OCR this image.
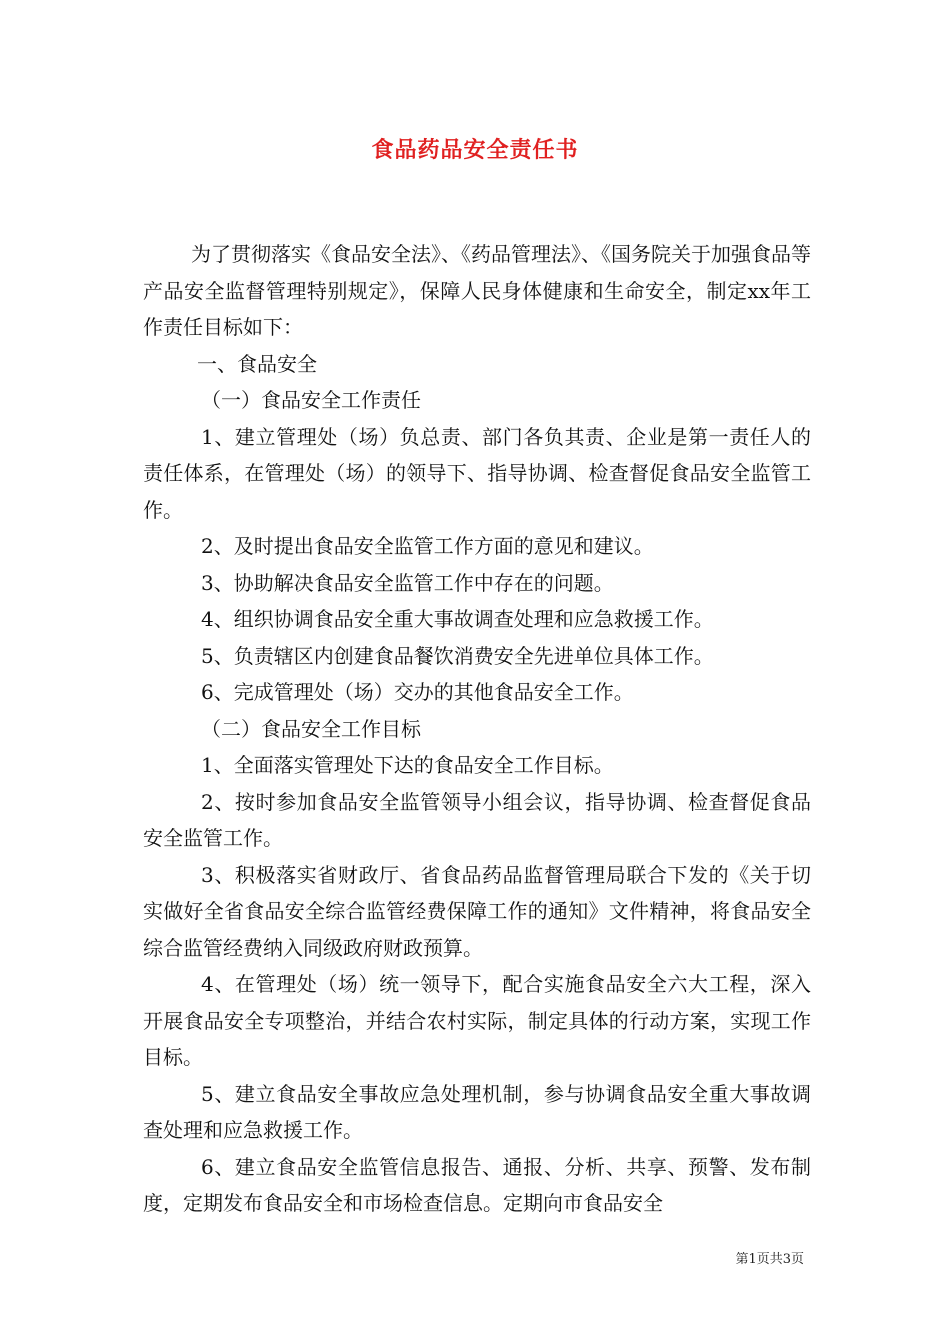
食品药品安全责任书

为了贯彻落实《食品安全法》、《药品管理法》、《国务院关于加强食品等产品安全监督管理特别规定》，保障人民身体健康和生命安全，制定xx年工作责任目标如下：

一、食品安全

（一）食品安全工作责任

1、建立管理处（场）负总责、部门各负其责、企业是第一责任人的责任体系，在管理处（场）的领导下、指导协调、检查督促食品安全监管工作。

2、及时提出食品安全监管工作方面的意见和建议。

3、协助解决食品安全监管工作中存在的问题。

4、组织协调食品安全重大事故调查处理和应急救援工作。

5、负责辖区内创建食品餐饮消费安全先进单位具体工作。

6、完成管理处（场）交办的其他食品安全工作。

（二）食品安全工作目标

1、全面落实管理处下达的食品安全工作目标。

2、按时参加食品安全监管领导小组会议，指导协调、检查督促食品安全监管工作。

3、积极落实省财政厅、省食品药品监督管理局联合下发的《关于切实做好全省食品安全综合监管经费保障工作的通知》文件精神，将食品安全综合监管经费纳入同级政府财政预算。

4、在管理处（场）统一领导下，配合实施食品安全六大工程，深入开展食品安全专项整治，并结合农村实际，制定具体的行动方案，实现工作目标。

5、建立食品安全事故应急处理机制，参与协调食品安全重大事故调查处理和应急救援工作。

6、建立食品安全监管信息报告、通报、分析、共享、预警、发布制度，定期发布食品安全和市场检查信息。定期向市食品安全

第1页共3页
